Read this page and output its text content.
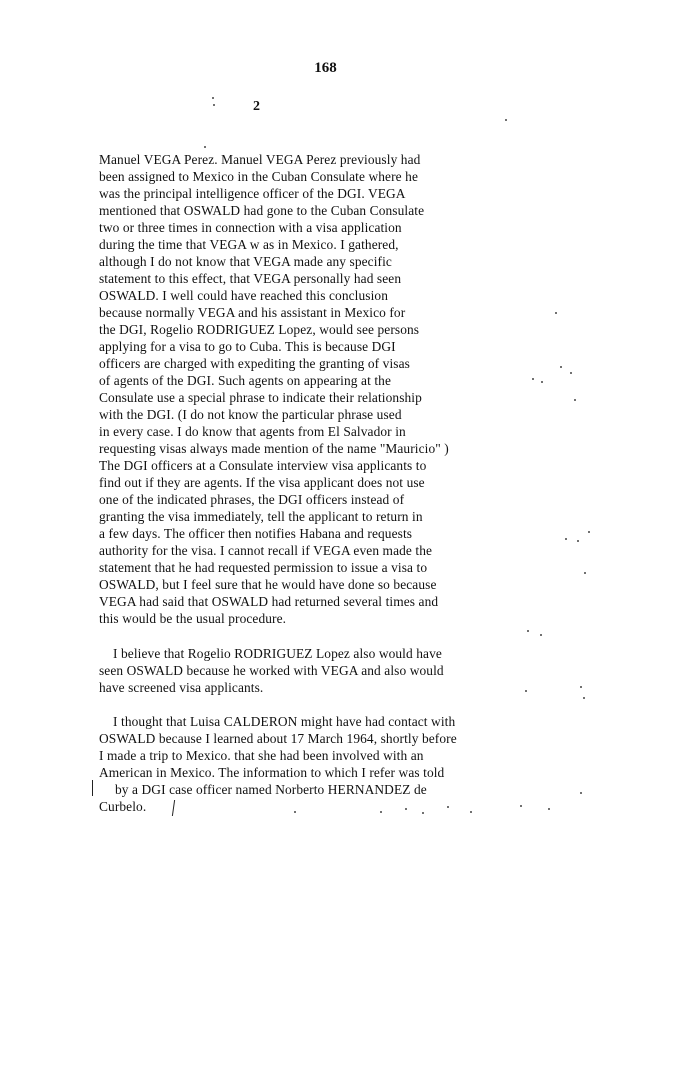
168
2
Manuel VEGA Perez. Manuel VEGA Perez previously had
been assigned to Mexico in the Cuban Consulate where he
was the principal intelligence officer of the DGI. VEGA
mentioned that OSWALD had gone to the Cuban Consulate
two or three times in connection with a visa application
during the time that VEGA w as in Mexico. I gathered,
although I do not know that VEGA made any specific
statement to this effect, that VEGA personally had seen
OSWALD. I well could have reached this conclusion
because normally VEGA and his assistant in Mexico for
the DGI, Rogelio RODRIGUEZ Lopez, would see persons
applying for a visa to go to Cuba. This is because DGI
officers are charged with expediting the granting of visas
of agents of the DGI. Such agents on appearing at the
Consulate use a special phrase to indicate their relationship
with the DGI. (I do not know the particular phrase used
in every case. I do know that agents from El Salvador in
requesting visas always made mention of the name "Mauricio" )
The DGI officers at a Consulate interview visa applicants to
find out if they are agents. If the visa applicant does not use
one of the indicated phrases, the DGI officers instead of
granting the visa immediately, tell the applicant to return in
a few days. The officer then notifies Habana and requests
authority for the visa. I cannot recall if VEGA even made the
statement that he had requested permission to issue a visa to
OSWALD, but I feel sure that he would have done so because
VEGA had said that OSWALD had returned several times and
this would be the usual procedure.
I believe that Rogelio RODRIGUEZ Lopez also would have
seen OSWALD because he worked with VEGA and also would
have screened visa applicants.
I thought that Luisa CALDERON might have had contact with
OSWALD because I learned about 17 March 1964, shortly before
I made a trip to Mexico. that she had been involved with an
American in Mexico. The information to which I refer was told
by a DGI case officer named Norberto HERNANDEZ de
Curbelo.
